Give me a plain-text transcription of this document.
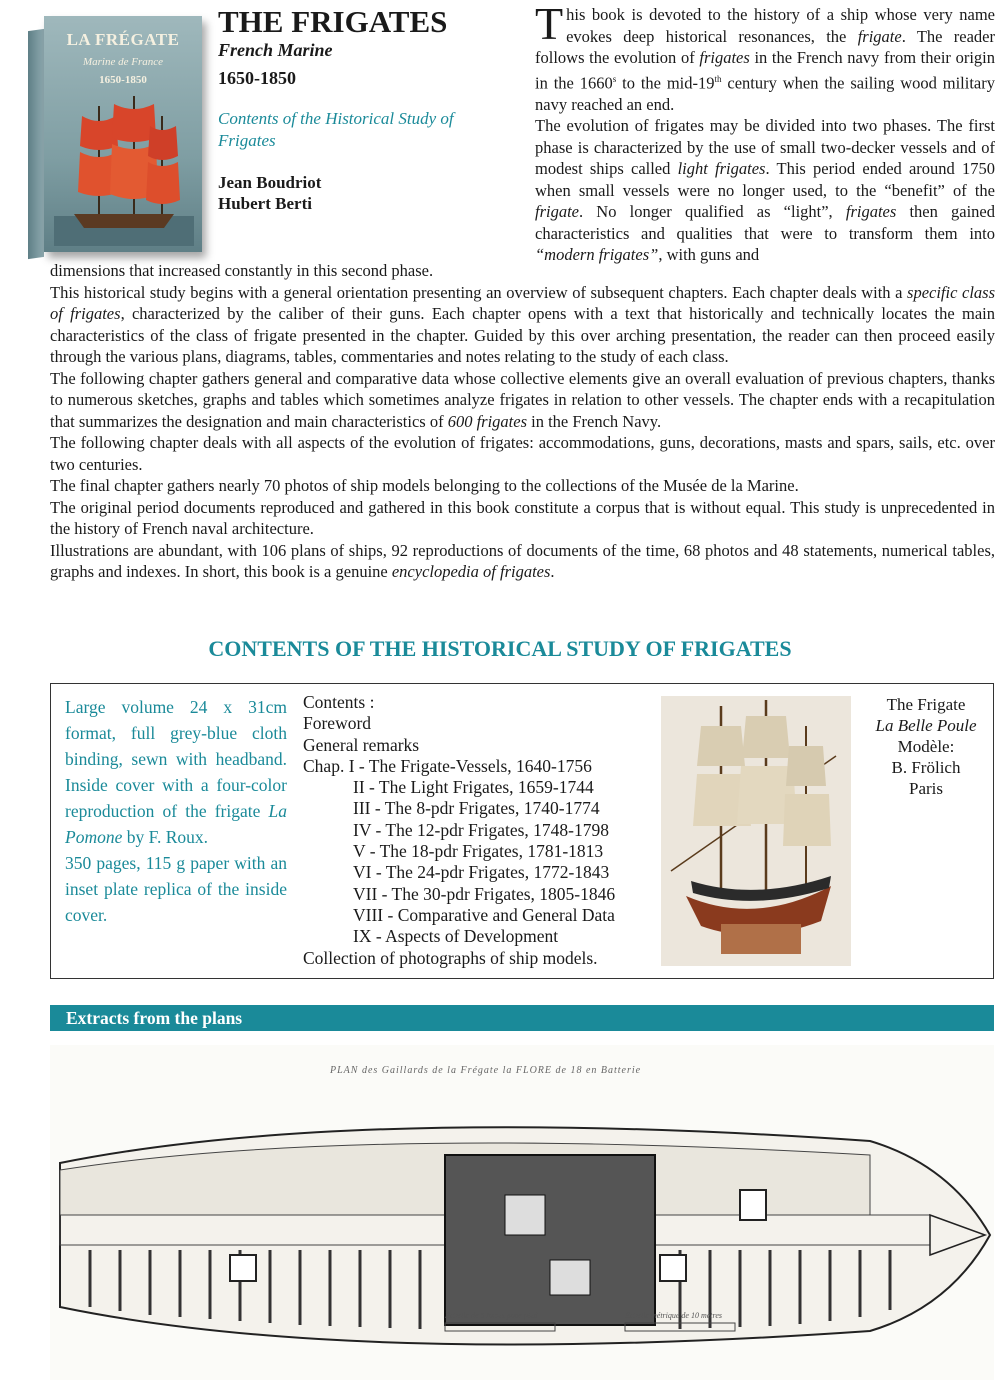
LA FRÉGATE
Marine de France
1650-1850
THE FRIGATES
French Marine
1650-1850
Contents of the Historical Study of Frigates
Jean Boudriot
Hubert Berti

This book is devoted to the history of a ship whose very name evokes deep historical resonances, the frigate. The reader follows the evolution of frigates in the French navy from their origin in the 1660$^s$ to the mid-19th century when the sailing wood military navy reached an end.

The evolution of frigates may be divided into two phases. The first phase is characterized by the use of small two-decker vessels and of modest ships called light frigates. This period ended around 1750 when small vessels were no longer used, to the “benefit” of the frigate. No longer qualified as “light”, frigates then gained characteristics and qualities that were to transform them into “modern frigates”, with guns and

dimensions that increased constantly in this second phase.

This historical study begins with a general orientation presenting an overview of subsequent chapters. Each chapter deals with a specific class of frigates, characterized by the caliber of their guns. Each chapter opens with a text that historically and technically locates the main characteristics of the class of frigate presented in the chapter. Guided by this over arching presentation, the reader can then proceed easily through the various plans, diagrams, tables, commentaries and notes relating to the study of each class.

The following chapter gathers general and comparative data whose collective elements give an overall evaluation of previous chapters, thanks to numerous sketches, graphs and tables which sometimes analyze frigates in relation to other vessels. The chapter ends with a recapitulation that summarizes the designation and main characteristics of 600 frigates in the French Navy.

The following chapter deals with all aspects of the evolution of frigates: accommodations, guns, decorations, masts and spars, sails, etc. over two centuries.

The final chapter gathers nearly 70 photos of ship models belonging to the collections of the Musée de la Marine.

The original period documents reproduced and gathered in this book constitute a corpus that is without equal. This study is unprecedented in the history of French naval architecture.

Illustrations are abundant, with 106 plans of ships, 92 reproductions of documents of the time, 68 photos and 48 statements, numerical tables, graphs and indexes. In short, this book is a genuine encyclopedia of frigates.

CONTENTS OF THE HISTORICAL STUDY OF FRIGATES
Large volume 24 x 31cm format, full grey-blue cloth binding, sewn with headband. Inside cover with a four-color reproduction of the frigate La Pomone by F. Roux.
350 pages, 115 g paper with an inset plate replica of the inside cover.
Contents :
Foreword
General remarks
Chap. I - The Frigate-Vessels, 1640-1756
II - The Light Frigates, 1659-1744
III - The 8-pdr Frigates, 1740-1774
IV - The 12-pdr Frigates, 1748-1798
V - The 18-pdr Frigates, 1781-1813
VI - The 24-pdr Frigates, 1772-1843
VII - The 30-pdr Frigates, 1805-1846
VIII - Comparative and General Data
IX - Aspects of Development
Collection of photographs of ship models.
The Frigate
La Belle Poule
Modèle:
B. Frölich
Paris
Extracts from the plans
PLAN des Gaillards de la Frégate la FLORE de 18 en Batterie
Echelle de 5 toises pour pied	Echelle métrique de 10 mètres
